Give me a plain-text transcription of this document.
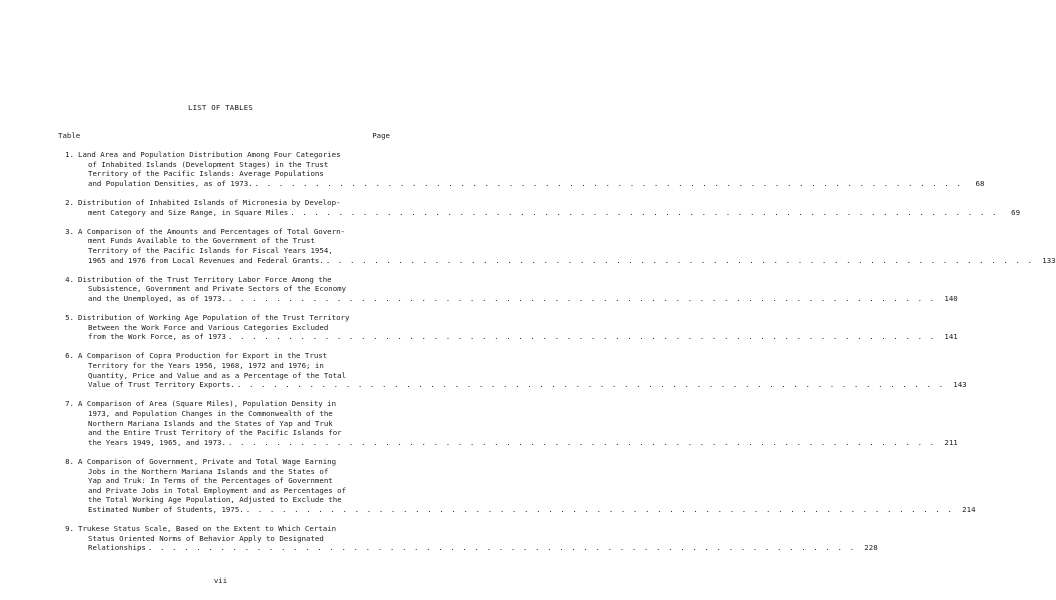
LIST OF TABLES
Table	Page
1. Land Area and Population Distribution Among Four Categories
of Inhabited Islands (Development Stages) in the Trust
Territory of the Pacific Islands: Average Populations
and Population Densities, as of 1973. . . . . . . . . . . . . . . . . . . . . . . . . . . . . . . . . . . . . . . . . . . . . . . . . . . . . . . . . . . .	68
2. Distribution of Inhabited Islands of Micronesia by Develop-
ment Category and Size Range, in Square Miles . . . . . . . . . . . . . . . . . . . . . . . . . . . . . . . . . . . . . . . . . . . . . . . . . . . . . . . . . . .	69
3. A Comparison of the Amounts and Percentages of Total Govern-
ment Funds Available to the Government of the Trust
Territory of the Pacific Islands for Fiscal Years 1954,
1965 and 1976 from Local Revenues and Federal Grants. . . . . . . . . . . . . . . . . . . . . . . . . . . . . . . . . . . . . . . . . . . . . . . . . . . . . . . . . . . .	133
4. Distribution of the Trust Territory Labor Force Among the
Subsistence, Government and Private Sectors of the Economy
and the Unemployed, as of 1973. . . . . . . . . . . . . . . . . . . . . . . . . . . . . . . . . . . . . . . . . . . . . . . . . . . . . . . . . . . .	140
5. Distribution of Working Age Population of the Trust Territory
Between the Work Force and Various Categories Excluded
from the Work Force, as of 1973 . . . . . . . . . . . . . . . . . . . . . . . . . . . . . . . . . . . . . . . . . . . . . . . . . . . . . . . . . . .	141
6. A Comparison of Copra Production for Export in the Trust
Territory for the Years 1956, 1968, 1972 and 1976; in
Quantity, Price and Value and as a Percentage of the Total
Value of Trust Territory Exports. . . . . . . . . . . . . . . . . . . . . . . . . . . . . . . . . . . . . . . . . . . . . . . . . . . . . . . . . . . .	143
7. A Comparison of Area (Square Miles), Population Density in
1973, and Population Changes in the Commonwealth of the
Northern Mariana Islands and the States of Yap and Truk
and the Entire Trust Territory of the Pacific Islands for
the Years 1949, 1965, and 1973. . . . . . . . . . . . . . . . . . . . . . . . . . . . . . . . . . . . . . . . . . . . . . . . . . . . . . . . . . . .	211
8. A Comparison of Government, Private and Total Wage Earning
Jobs in the Northern Mariana Islands and the States of
Yap and Truk: In Terms of the Percentages of Government
and Private Jobs in Total Employment and as Percentages of
the Total Working Age Population, Adjusted to Exclude the
Estimated Number of Students, 1975. . . . . . . . . . . . . . . . . . . . . . . . . . . . . . . . . . . . . . . . . . . . . . . . . . . . . . . . . . . .	214
9. Trukese Status Scale, Based on the Extent to Which Certain
Status Oriented Norms of Behavior Apply to Designated
Relationships . . . . . . . . . . . . . . . . . . . . . . . . . . . . . . . . . . . . . . . . . . . . . . . . . . . . . . . . . . .	228
vii
